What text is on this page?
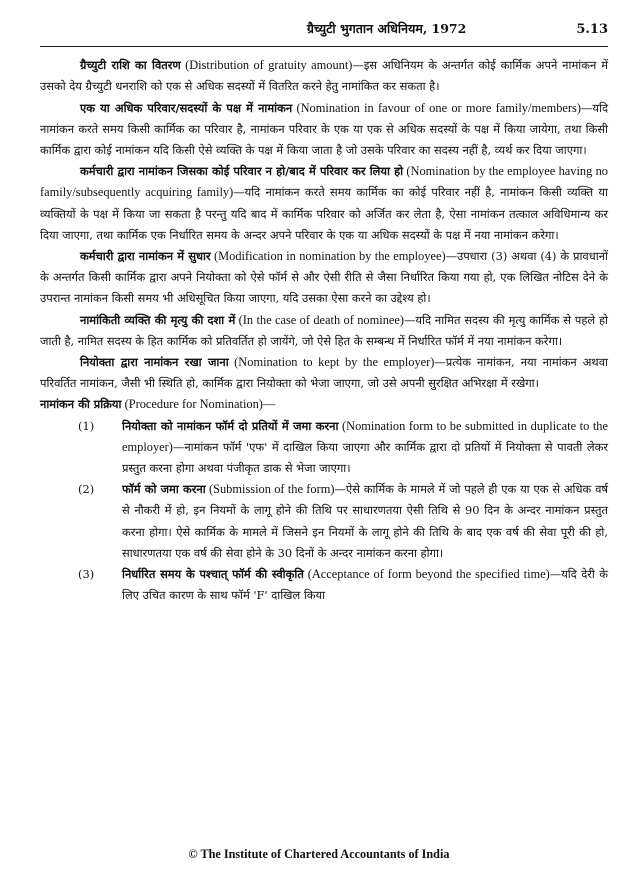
ग्रैच्युटी भुगतान अधिनियम, 1972	5.13

ग्रैच्युटी राशि का वितरण (Distribution of gratuity amount)—इस अधिनियम के अन्तर्गत कोई कार्मिक अपने नामांकन में उसको देय ग्रैच्युटी धनराशि को एक से अधिक सदस्यों में वितरित करने हेतु नामांकित कर सकता है।

एक या अधिक परिवार/सदस्यों के पक्ष में नामांकन (Nomination in favour of one or more family/members)—यदि नामांकन करते समय किसी कार्मिक का परिवार है, नामांकन परिवार के एक या एक से अधिक सदस्यों के पक्ष में किया जायेगा, तथा किसी कार्मिक द्वारा कोई नामांकन यदि किसी ऐसे व्यक्ति के पक्ष में किया जाता है जो उसके परिवार का सदस्य नहीं है, व्यर्थ कर दिया जाएगा।

कर्मचारी द्वारा नामांकन जिसका कोई परिवार न हो/बाद में परिवार कर लिया हो (Nomination by the employee having no family/subsequently acquiring family)—यदि नामांकन करते समय कार्मिक का कोई परिवार नहीं है, नामांकन किसी व्यक्ति या व्यक्तियों के पक्ष में किया जा सकता है परन्तु यदि बाद में कार्मिक परिवार को अर्जित कर लेता है, ऐसा नामांकन तत्काल अविधिमान्य कर दिया जाएगा, तथा कार्मिक एक निर्धारित समय के अन्दर अपने परिवार के एक या अधिक सदस्यों के पक्ष में नया नामांकन करेगा।

कर्मचारी द्वारा नामांकन में सुधार (Modification in nomination by the employee)—उपधारा (3) अथवा (4) के प्रावधानों के अन्तर्गत किसी कार्मिक द्वारा अपने नियोक्ता को ऐसे फॉर्म से और ऐसी रीति से जैसा निर्धारित किया गया हो, एक लिखित नोटिस देने के उपरान्त नामांकन किसी समय भी अधिसूचित किया जाएगा, यदि उसका ऐसा करने का उद्देश्य हो।

नामांकिती व्यक्ति की मृत्यु की दशा में (In the case of death of nominee)—यदि नामित सदस्य की मृत्यु कार्मिक से पहले हो जाती है, नामित सदस्य के हित कार्मिक को प्रतिवर्तित हो जायेंगे, जो ऐसे हित के सम्बन्ध में निर्धारित फॉर्म में नया नामांकन करेगा।

नियोक्ता द्वारा नामांकन रखा जाना (Nomination to kept by the employer)—प्रत्येक नामांकन, नया नामांकन अथवा परिवर्तित नामांकन, जैसी भी स्थिति हो, कार्मिक द्वारा नियोक्ता को भेजा जाएगा, जो उसे अपनी सुरक्षित अभिरक्षा में रखेगा।

नामांकन की प्रक्रिया (Procedure for Nomination)—

(1)	नियोक्ता को नामांकन फॉर्म दो प्रतियों में जमा करना (Nomination form to be submitted in duplicate to the employer)—नामांकन फॉर्म 'एफ' में दाखिल किया जाएगा और कार्मिक द्वारा दो प्रतियों में नियोक्ता से पावती लेकर प्रस्तुत करना होगा अथवा पंजीकृत डाक से भेजा जाएगा।

(2)	फॉर्म को जमा करना (Submission of the form)—ऐसे कार्मिक के मामले में जो पहले ही एक या एक से अधिक वर्ष से नौकरी में हो, इन नियमों के लागू होने की तिथि पर साधारणतया ऐसी तिथि से 90 दिन के अन्दर नामांकन प्रस्तुत करना होगा। ऐसे कार्मिक के मामले में जिसने इन नियमों के लागू होने की तिथि के बाद एक वर्ष की सेवा पूरी की हो, साधारणतया एक वर्ष की सेवा होने के 30 दिनों के अन्दर नामांकन करना होगा।

(3)	निर्धारित समय के पश्चात् फॉर्म की स्वीकृति (Acceptance of form beyond the specified time)—यदि देरी के लिए उचित कारण के साथ फॉर्म 'F' दाखिल किया

© The Institute of Chartered Accountants of India
